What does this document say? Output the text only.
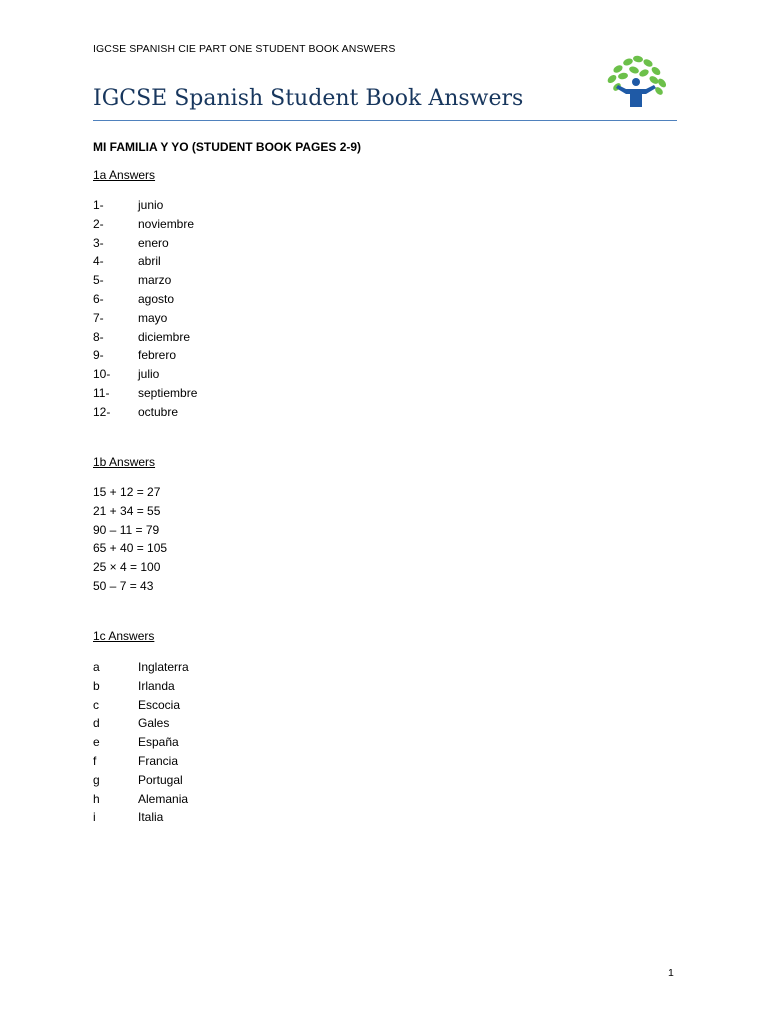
IGCSE SPANISH CIE PART ONE STUDENT BOOK ANSWERS
IGCSE Spanish Student Book Answers
MI FAMILIA Y YO (STUDENT BOOK PAGES 2-9)
1a Answers
1-	junio
2-	noviembre
3-	enero
4-	abril
5-	marzo
6-	agosto
7-	mayo
8-	diciembre
9-	febrero
10- julio
11- septiembre
12- octubre
1b Answers
15 + 12 = 27
21 + 34 = 55
90 – 11 = 79
65 + 40 = 105
25 × 4 = 100
50 – 7 = 43
1c Answers
a	Inglaterra
b	Irlanda
c	Escocia
d	Gales
e	España
f	Francia
g	Portugal
h	Alemania
i	Italia
1
